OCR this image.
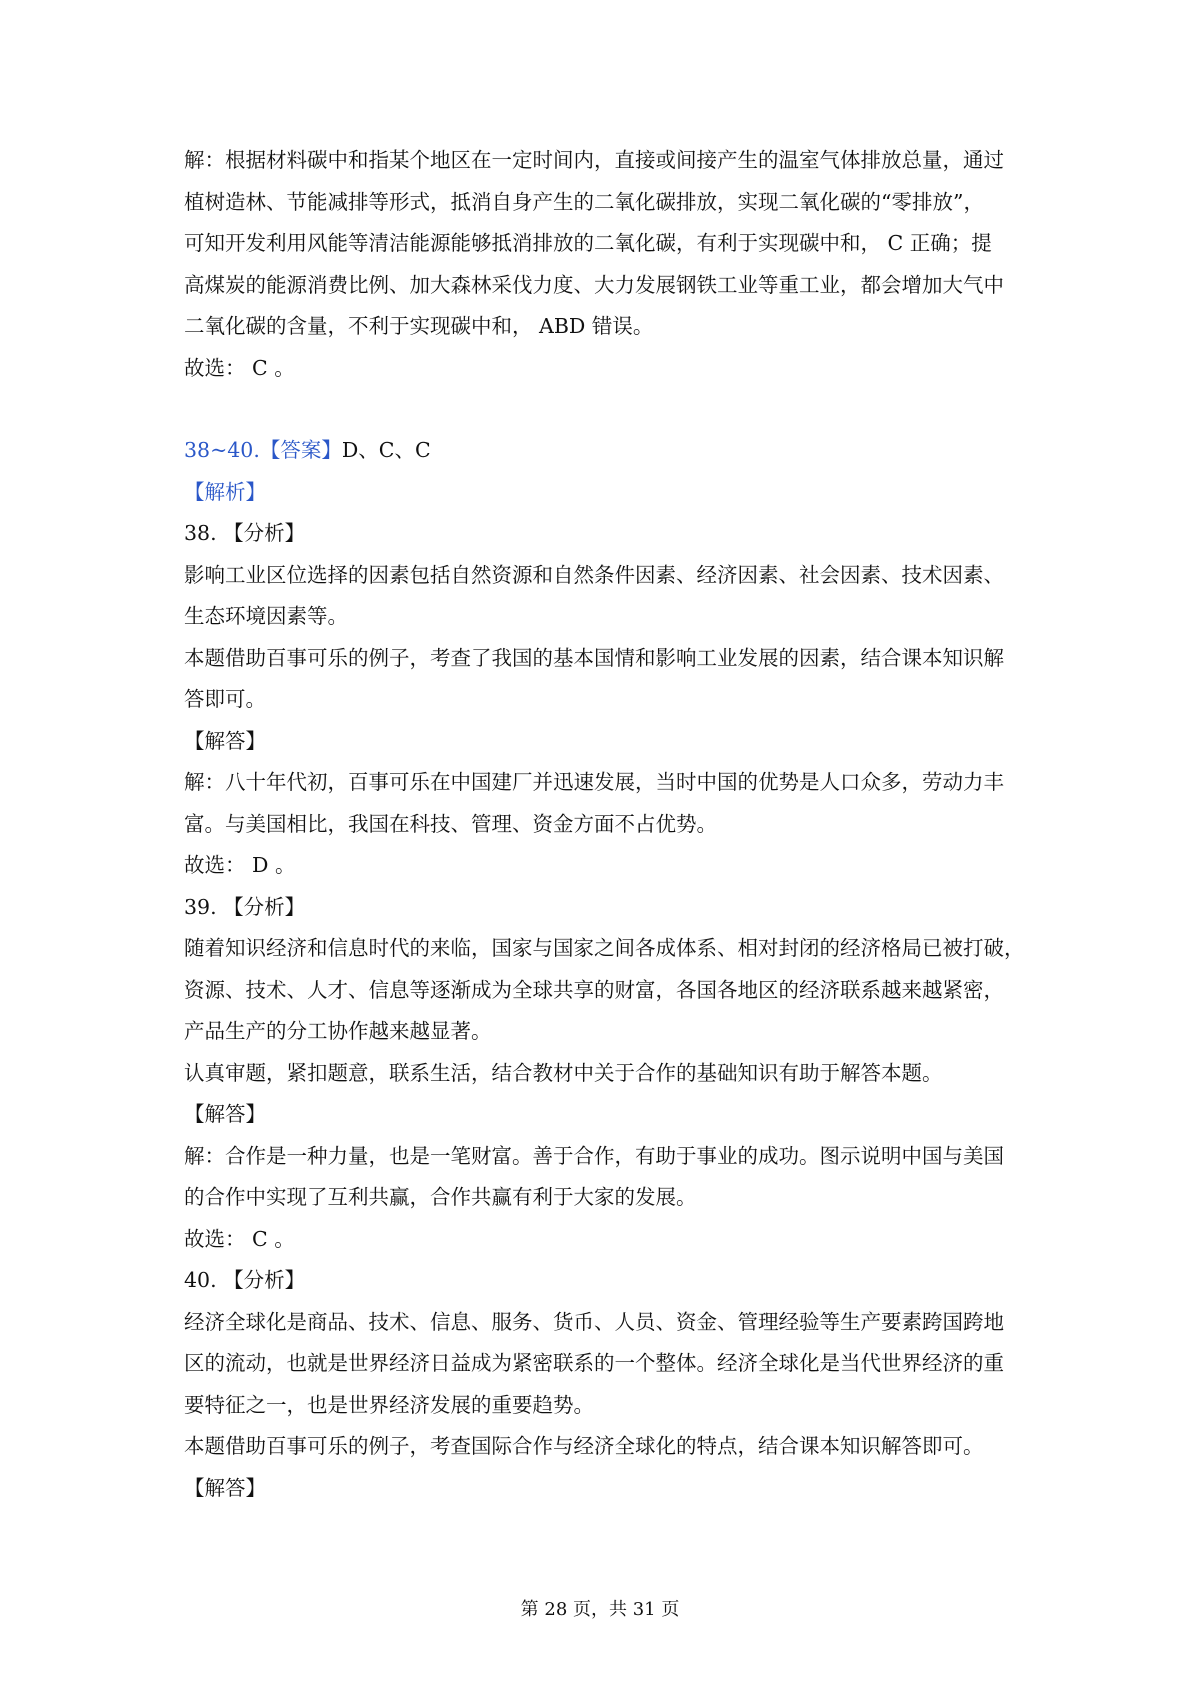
解：根据材料碳中和指某个地区在一定时间内，直接或间接产生的温室气体排放总量，通过
植树造林、节能减排等形式，抵消自身产生的二氧化碳排放，实现二氧化碳的“零排放”，
可知开发利用风能等清洁能源能够抵消排放的二氧化碳，有利于实现碳中和， C 正确；提
高煤炭的能源消费比例、加大森林采伐力度、大力发展钢铁工业等重工业，都会增加大气中
二氧化碳的含量，不利于实现碳中和， ABD 错误。
故选： C 。
38~40.【答案】D、C、C
【解析】
38. 【分析】
影响工业区位选择的因素包括自然资源和自然条件因素、经济因素、社会因素、技术因素、
生态环境因素等。
本题借助百事可乐的例子，考查了我国的基本国情和影响工业发展的因素，结合课本知识解
答即可。
【解答】
解：八十年代初，百事可乐在中国建厂并迅速发展，当时中国的优势是人口众多，劳动力丰
富。与美国相比，我国在科技、管理、资金方面不占优势。
故选： D 。
39. 【分析】
随着知识经济和信息时代的来临，国家与国家之间各成体系、相对封闭的经济格局已被打破，
资源、技术、人才、信息等逐渐成为全球共享的财富，各国各地区的经济联系越来越紧密，
产品生产的分工协作越来越显著。
认真审题，紧扣题意，联系生活，结合教材中关于合作的基础知识有助于解答本题。
【解答】
解：合作是一种力量，也是一笔财富。善于合作，有助于事业的成功。图示说明中国与美国
的合作中实现了互利共赢，合作共赢有利于大家的发展。
故选： C 。
40. 【分析】
经济全球化是商品、技术、信息、服务、货币、人员、资金、管理经验等生产要素跨国跨地
区的流动，也就是世界经济日益成为紧密联系的一个整体。经济全球化是当代世界经济的重
要特征之一，也是世界经济发展的重要趋势。
本题借助百事可乐的例子，考查国际合作与经济全球化的特点，结合课本知识解答即可。
【解答】
第 28 页，共 31 页
